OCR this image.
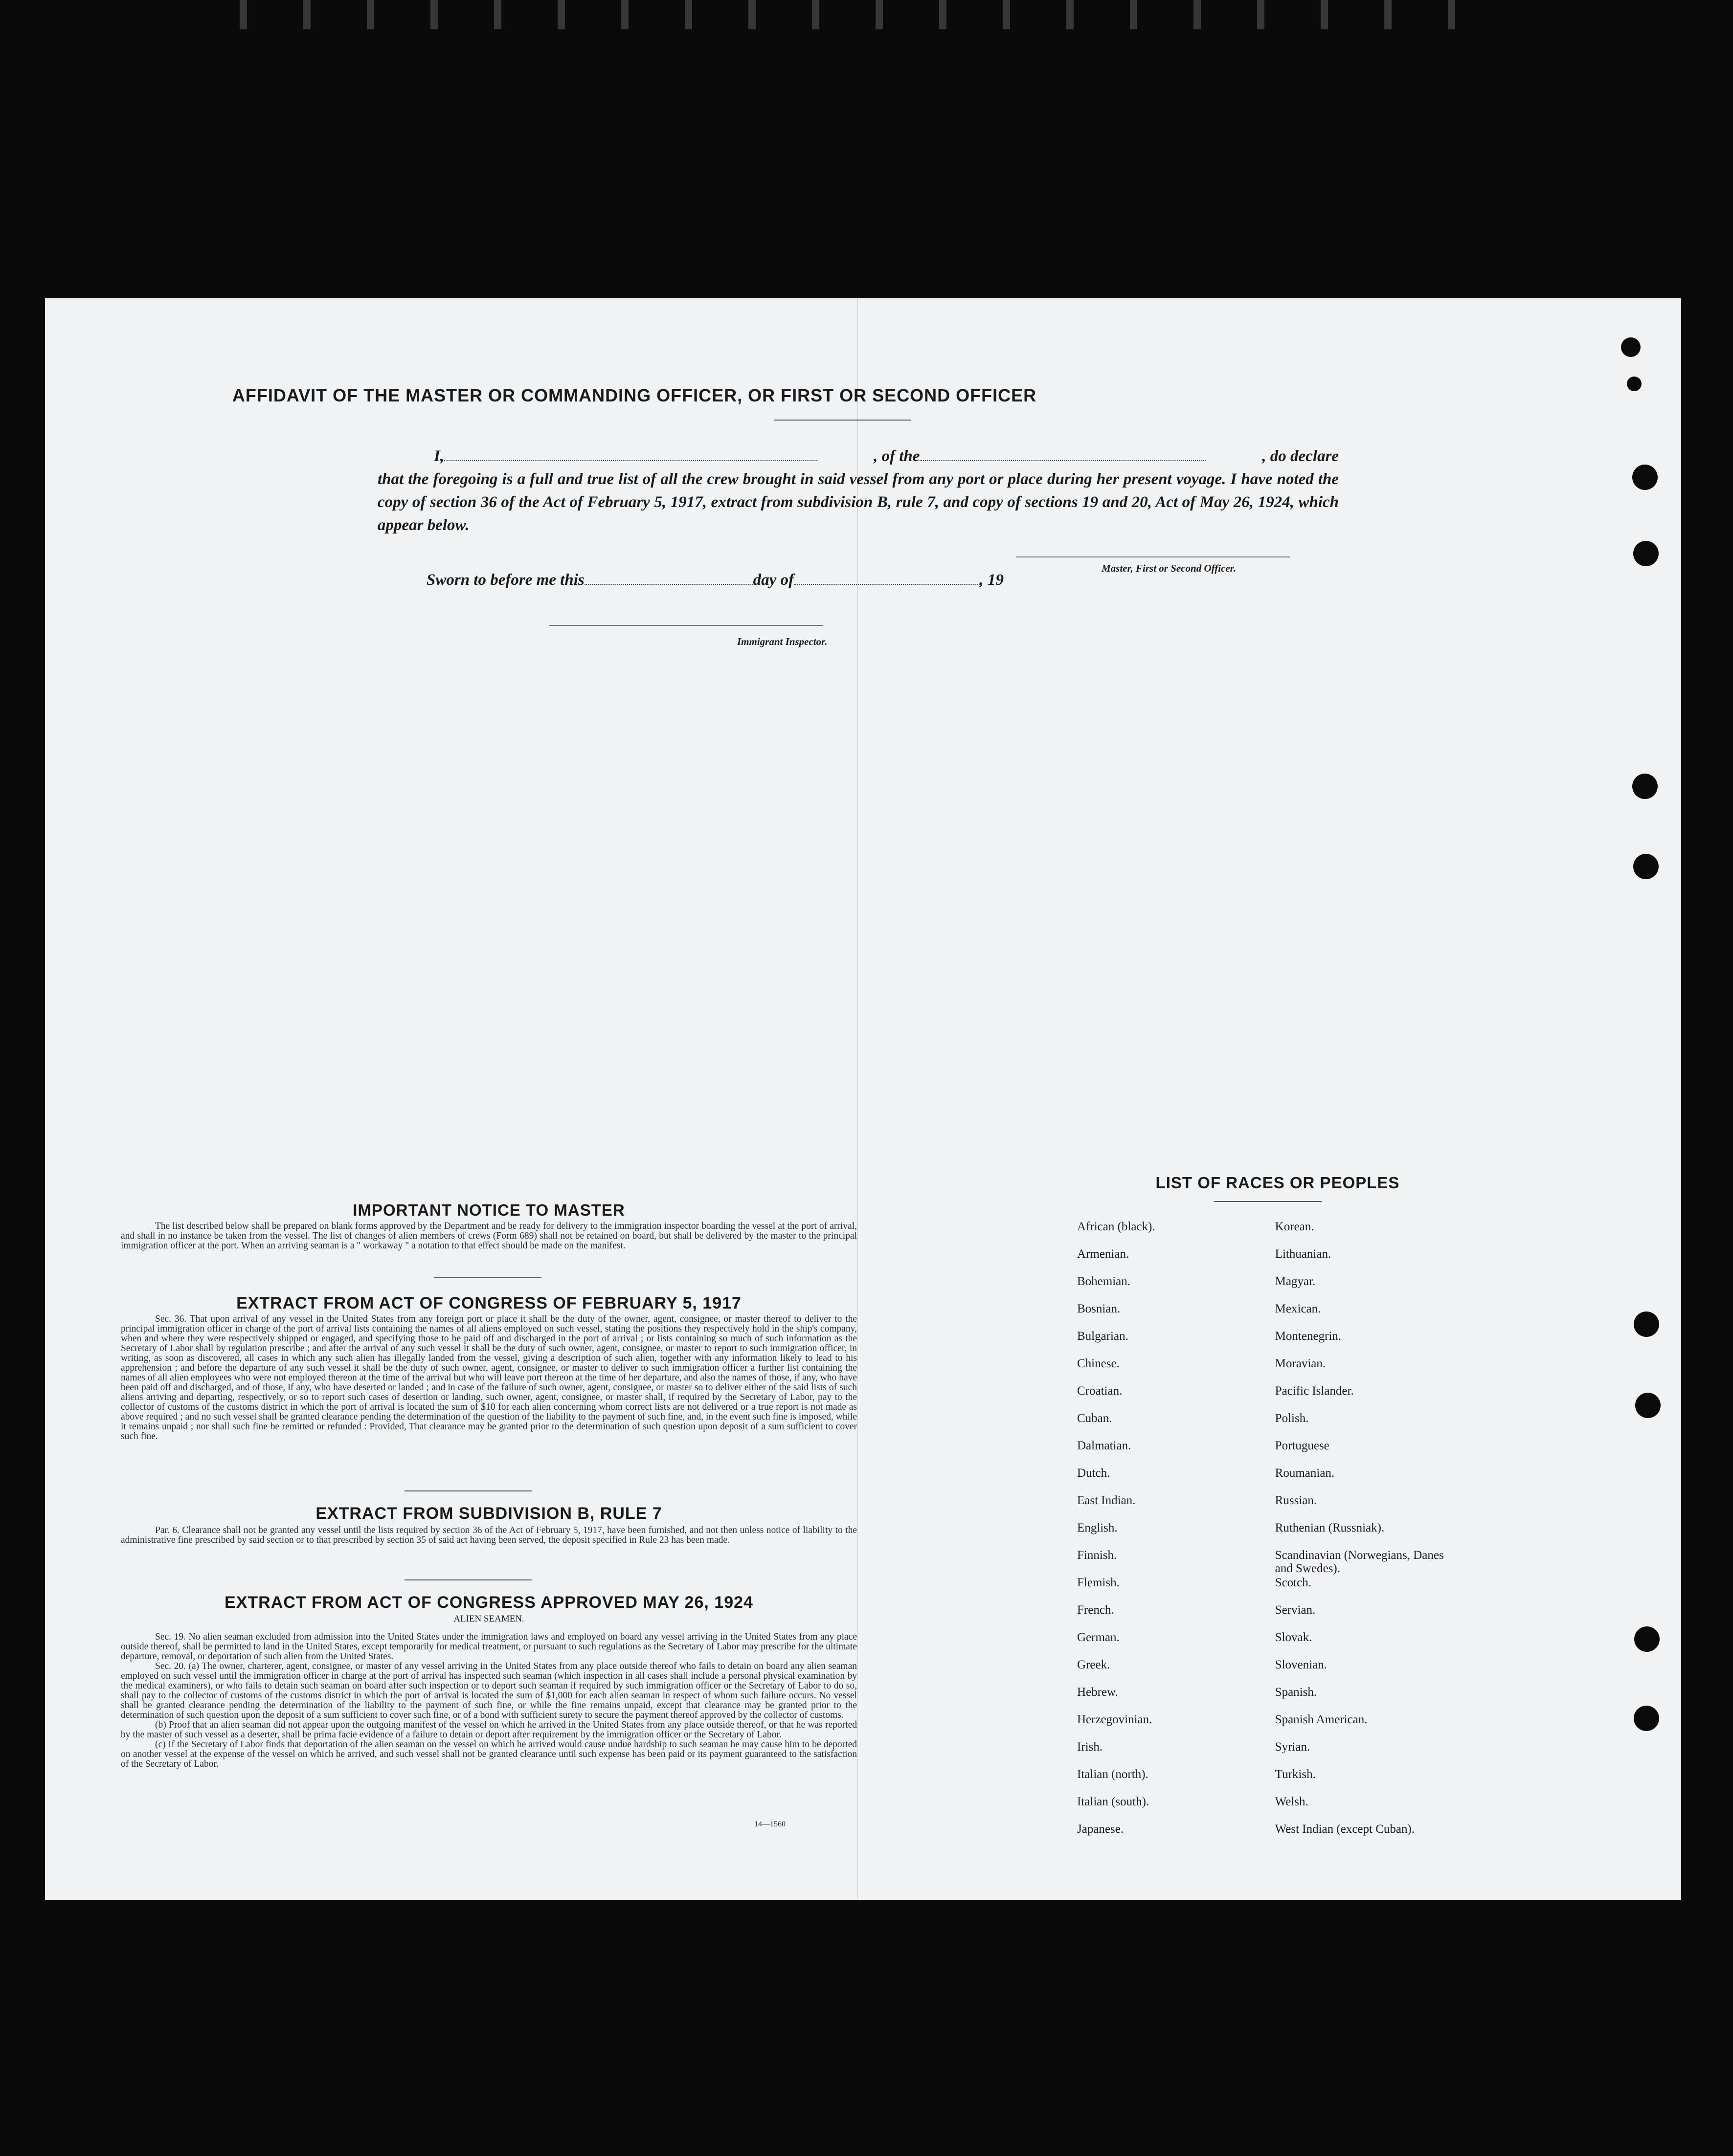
AFFIDAVIT OF THE MASTER OR COMMANDING OFFICER, OR FIRST OR SECOND OFFICER
I,	, of the	, do declare
that the foregoing is a full and true list of all the crew brought in said vessel from any port or place during her present voyage. I have noted the copy of section 36 of the Act of February 5, 1917, extract from subdivision B, rule 7, and copy of sections 19 and 20, Act of May 26, 1924, which appear below.
Master, First or Second Officer.
Sworn to before me this	day of	, 19
Immigrant Inspector.
IMPORTANT NOTICE TO MASTER
The list described below shall be prepared on blank forms approved by the Department and be ready for delivery to the immigration inspector boarding the vessel at the port of arrival, and shall in no instance be taken from the vessel. The list of changes of alien members of crews (Form 689) shall not be retained on board, but shall be delivered by the master to the principal immigration officer at the port. When an arriving seaman is a " workaway " a notation to that effect should be made on the manifest.
EXTRACT FROM ACT OF CONGRESS OF FEBRUARY 5, 1917
Sec. 36. That upon arrival of any vessel in the United States from any foreign port or place it shall be the duty of the owner, agent, consignee, or master thereof to deliver to the principal immigration officer in charge of the port of arrival lists containing the names of all aliens employed on such vessel, stating the positions they respectively hold in the ship's company, when and where they were respectively shipped or engaged, and specifying those to be paid off and discharged in the port of arrival ; or lists containing so much of such information as the Secretary of Labor shall by regulation prescribe ; and after the arrival of any such vessel it shall be the duty of such owner, agent, consignee, or master to report to such immigration officer, in writing, as soon as discovered, all cases in which any such alien has illegally landed from the vessel, giving a description of such alien, together with any information likely to lead to his apprehension ; and before the departure of any such vessel it shall be the duty of such owner, agent, consignee, or master to deliver to such immigration officer a further list containing the names of all alien employees who were not employed thereon at the time of the arrival but who will leave port thereon at the time of her departure, and also the names of those, if any, who have been paid off and discharged, and of those, if any, who have deserted or landed ; and in case of the failure of such owner, agent, consignee, or master so to deliver either of the said lists of such aliens arriving and departing, respectively, or so to report such cases of desertion or landing, such owner, agent, consignee, or master shall, if required by the Secretary of Labor, pay to the collector of customs of the customs district in which the port of arrival is located the sum of $10 for each alien concerning whom correct lists are not delivered or a true report is not made as above required ; and no such vessel shall be granted clearance pending the determination of the question of the liability to the payment of such fine, and, in the event such fine is imposed, while it remains unpaid ; nor shall such fine be remitted or refunded : Provided, That clearance may be granted prior to the determination of such question upon deposit of a sum sufficient to cover such fine.
EXTRACT FROM SUBDIVISION B, RULE 7
Par. 6. Clearance shall not be granted any vessel until the lists required by section 36 of the Act of February 5, 1917, have been furnished, and not then unless notice of liability to the administrative fine prescribed by said section or to that prescribed by section 35 of said act having been served, the deposit specified in Rule 23 has been made.
EXTRACT FROM ACT OF CONGRESS APPROVED MAY 26, 1924
ALIEN SEAMEN.
Sec. 19. No alien seaman excluded from admission into the United States under the immigration laws and employed on board any vessel arriving in the United States from any place outside thereof, shall be permitted to land in the United States, except temporarily for medical treatment, or pursuant to such regulations as the Secretary of Labor may prescribe for the ultimate departure, removal, or deportation of such alien from the United States.
Sec. 20. (a) The owner, charterer, agent, consignee, or master of any vessel arriving in the United States from any place outside thereof who fails to detain on board any alien seaman employed on such vessel until the immigration officer in charge at the port of arrival has inspected such seaman (which inspection in all cases shall include a personal physical examination by the medical examiners), or who fails to detain such seaman on board after such inspection or to deport such seaman if required by such immigration officer or the Secretary of Labor to do so, shall pay to the collector of customs of the customs district in which the port of arrival is located the sum of $1,000 for each alien seaman in respect of whom such failure occurs. No vessel shall be granted clearance pending the determination of the liability to the payment of such fine, or while the fine remains unpaid, except that clearance may be granted prior to the determination of such question upon the deposit of a sum sufficient to cover such fine, or of a bond with sufficient surety to secure the payment thereof approved by the collector of customs.
(b) Proof that an alien seaman did not appear upon the outgoing manifest of the vessel on which he arrived in the United States from any place outside thereof, or that he was reported by the master of such vessel as a deserter, shall be prima facie evidence of a failure to detain or deport after requirement by the immigration officer or the Secretary of Labor.
(c) If the Secretary of Labor finds that deportation of the alien seaman on the vessel on which he arrived would cause undue hardship to such seaman he may cause him to be deported on another vessel at the expense of the vessel on which he arrived, and such vessel shall not be granted clearance until such expense has been paid or its payment guaranteed to the satisfaction of the Secretary of Labor.
14—1560
LIST OF RACES OR PEOPLES
African (black).	Korean.
Armenian.	Lithuanian.
Bohemian.	Magyar.
Bosnian.	Mexican.
Bulgarian.	Montenegrin.
Chinese.	Moravian.
Croatian.	Pacific Islander.
Cuban.	Polish.
Dalmatian.	Portuguese
Dutch.	Roumanian.
East Indian.	Russian.
English.	Ruthenian (Russniak).
Finnish.	Scandinavian (Norwegians, Danes and Swedes).
Flemish.	Scotch.
French.	Servian.
German.	Slovak.
Greek.	Slovenian.
Hebrew.	Spanish.
Herzegovinian.	Spanish American.
Irish.	Syrian.
Italian (north).	Turkish.
Italian (south).	Welsh.
Japanese.	West Indian (except Cuban).
